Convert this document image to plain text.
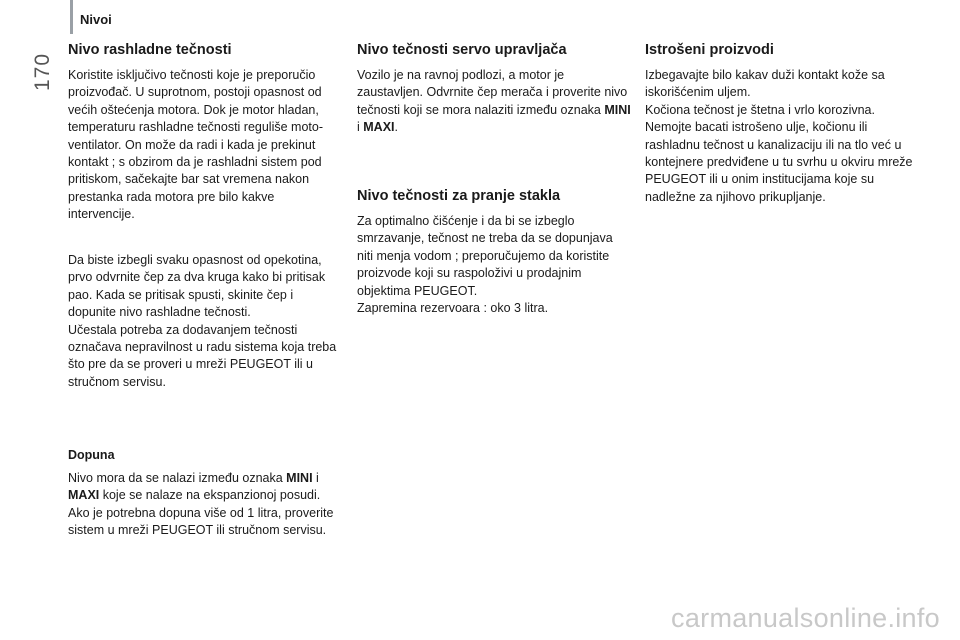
Nivoi
170
Nivo rashladne tečnosti

Koristite isključivo tečnosti koje je preporučio proizvođač. U suprotnom, postoji opasnost od većih oštećenja motora. Dok je motor hladan, temperaturu rashladne tečnosti reguliše moto-ventilator. On može da radi i kada je prekinut kontakt ; s obzirom da je rashladni sistem pod pritiskom, sačekajte bar sat vremena nakon prestanka rada motora pre bilo kakve intervencije.

Da biste izbegli svaku opasnost od opekotina, prvo odvrnite čep za dva kruga kako bi pritisak pao. Kada se pritisak spusti, skinite čep i dopunite nivo rashladne tečnosti.

Učestala potreba za dodavanjem tečnosti označava nepravilnost u radu sistema koja treba što pre da se proveri u mreži PEUGEOT ili u stručnom servisu.

Dopuna

Nivo mora da se nalazi između oznaka MINI i MAXI koje se nalaze na ekspanzionoj posudi. Ako je potrebna dopuna više od 1 litra, proverite sistem u mreži PEUGEOT ili stručnom servisu.

Nivo tečnosti servo upravljača

Vozilo je na ravnoj podlozi, a motor je zaustavljen. Odvrnite čep merača i proverite nivo tečnosti koji se mora nalaziti između oznaka MINI i MAXI.

Nivo tečnosti za pranje stakla

Za optimalno čišćenje i da bi se izbeglo smrzavanje, tečnost ne treba da se dopunjava niti menja vodom ; preporučujemo da koristite proizvode koji su raspoloživi u prodajnim objektima PEUGEOT.

Zapremina rezervoara : oko 3 litra.

Istrošeni proizvodi

Izbegavajte bilo kakav duži kontakt kože sa iskorišćenim uljem.

Kočiona tečnost je štetna i vrlo korozivna. Nemojte bacati istrošeno ulje, kočionu ili rashladnu tečnost u kanalizaciju ili na tlo već u kontejnere predviđene u tu svrhu u okviru mreže PEUGEOT ili u onim institucijama koje su nadležne za njihovo prikupljanje.

carmanualsonline.info
